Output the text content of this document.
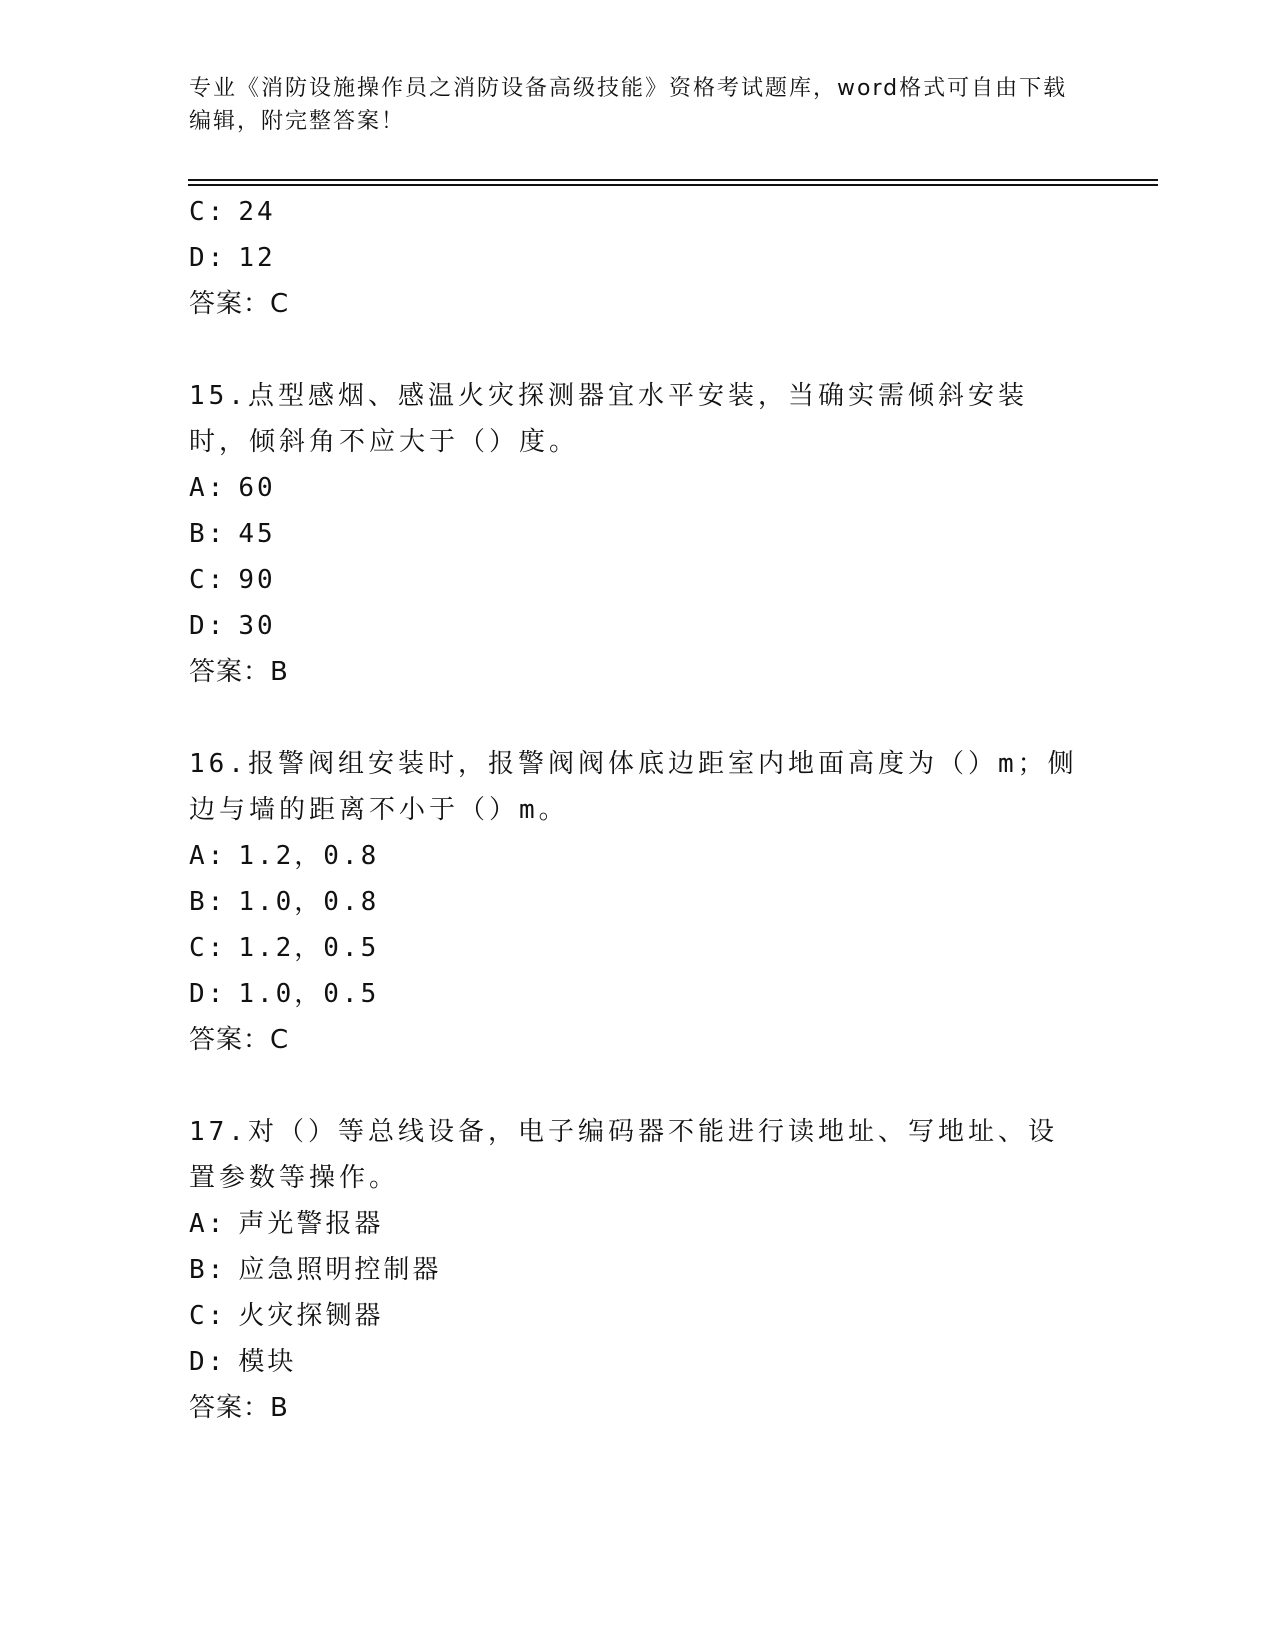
专业《消防设施操作员之消防设备高级技能》资格考试题库，word格式可自由下载编辑，附完整答案！
C: 24
D: 12
答案：C
15.点型感烟、感温火灾探测器宜水平安装，当确实需倾斜安装时，倾斜角不应大于（）度。
A: 60
B: 45
C: 90
D: 30
答案：B
16.报警阀组安装时，报警阀阀体底边距室内地面高度为（）m；侧边与墙的距离不小于（）m。
A: 1.2，0.8
B: 1.0，0.8
C: 1.2，0.5
D: 1.0，0.5
答案：C
17.对（）等总线设备，电子编码器不能进行读地址、写地址、设置参数等操作。
A: 声光警报器
B: 应急照明控制器
C: 火灾探铡器
D: 模块
答案：B
